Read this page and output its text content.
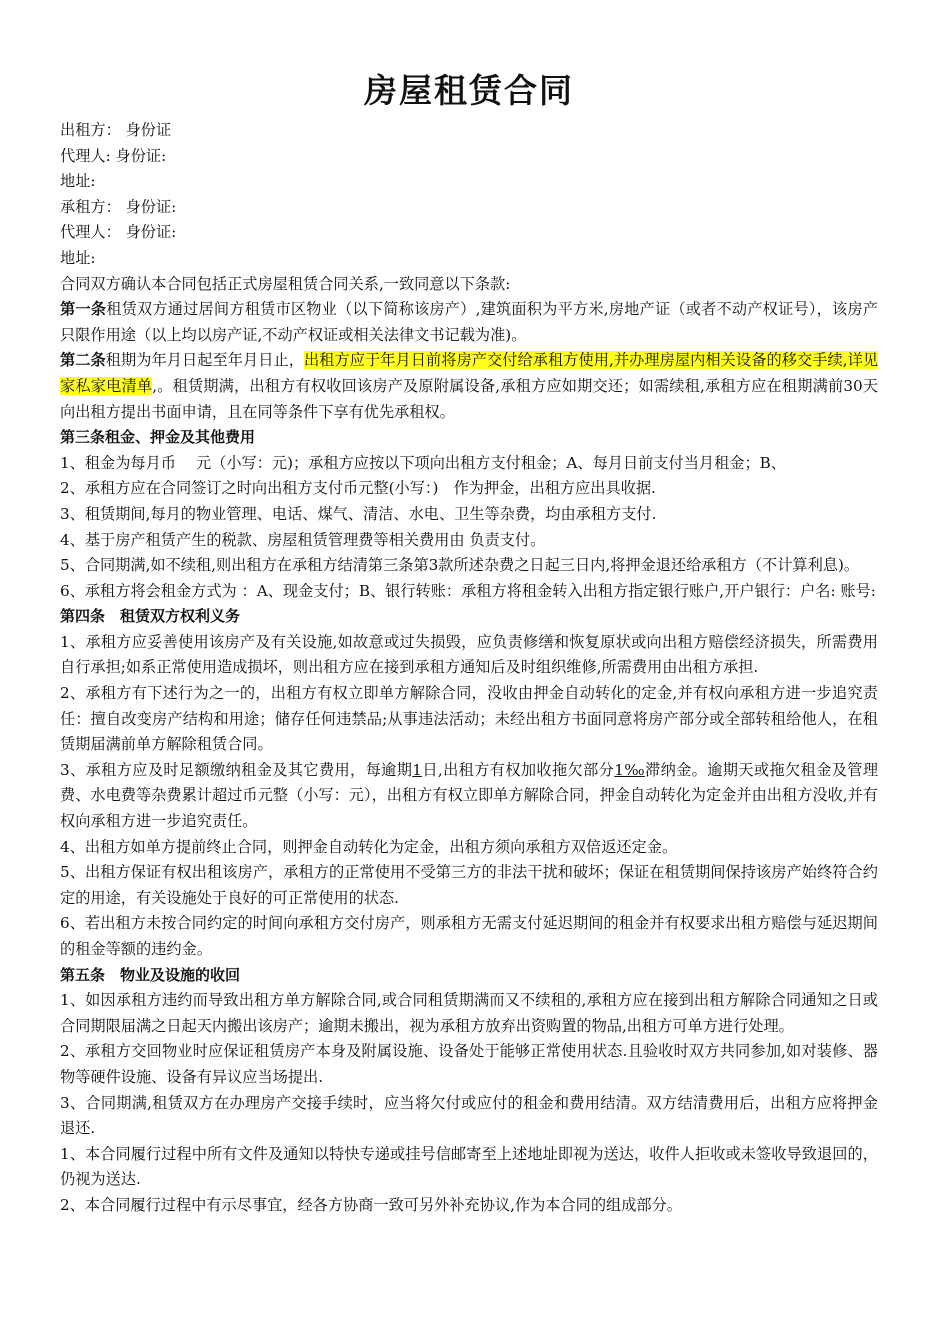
房屋租赁合同

出租方： 身份证

代理人: 身份证:

地址:

承租方： 身份证:

代理人： 身份证:

地址:

合同双方确认本合同包括正式房屋租赁合同关系,一致同意以下条款:

第一条租赁双方通过居间方租赁市区物业（以下简称该房产）,建筑面积为平方米,房地产证（或者不动产权证号），该房产只限作用途（以上均以房产证,不动产权证或相关法律文书记载为准)。

第二条租期为年月日起至年月日止，出租方应于年月日前将房产交付给承租方使用,并办理房屋内相关设备的移交手续,详见家私家电清单,。租赁期满，出租方有权收回该房产及原附属设备,承租方应如期交还；如需续租,承租方应在租期满前30天向出租方提出书面申请，且在同等条件下享有优先承租权。

第三条租金、押金及其他费用

1、租金为每月币　 元（小写：元)；承租方应按以下项向出租方支付租金；A、每月日前支付当月租金；B、

2、承租方应在合同签订之时向出租方支付币元整(小写：)　作为押金，出租方应出具收据.

3、租赁期间,每月的物业管理、电话、煤气、清洁、水电、卫生等杂费，均由承租方支付.

4、基于房产租赁产生的税款、房屋租赁管理费等相关费用由 负责支付。

5、合同期满,如不续租,则出租方在承租方结清第三条第3款所述杂费之日起三日内,将押金退还给承租方（不计算利息)。

6、承租方将会租金方式为 ：A、现金支付；B、银行转账：承租方将租金转入出租方指定银行账户,开户银行：户名: 账号:

第四条　租赁双方权利义务

1、承租方应妥善使用该房产及有关设施,如故意或过失损毁，应负责修缮和恢复原状或向出租方赔偿经济损失，所需费用自行承担;如系正常使用造成损坏，则出租方应在接到承租方通知后及时组织维修,所需费用由出租方承担.

2、承租方有下述行为之一的，出租方有权立即单方解除合同，没收由押金自动转化的定金,并有权向承租方进一步追究责任：擅自改变房产结构和用途；储存任何违禁品;从事违法活动；未经出租方书面同意将房产部分或全部转租给他人，在租赁期届满前单方解除租赁合同。

3、承租方应及时足额缴纳租金及其它费用，每逾期1日,出租方有权加收拖欠部分1‰滞纳金。逾期天或拖欠租金及管理费、水电费等杂费累计超过币元整（小写：元），出租方有权立即单方解除合同，押金自动转化为定金并由出租方没收,并有权向承租方进一步追究责任。

4、出租方如单方提前终止合同，则押金自动转化为定金，出租方须向承租方双倍返还定金。

5、出租方保证有权出租该房产，承租方的正常使用不受第三方的非法干扰和破坏；保证在租赁期间保持该房产始终符合约定的用途，有关设施处于良好的可正常使用的状态.

6、若出租方未按合同约定的时间向承租方交付房产，则承租方无需支付延迟期间的租金并有权要求出租方赔偿与延迟期间的租金等额的违约金。

第五条　物业及设施的收回

1、如因承租方违约而导致出租方单方解除合同,或合同租赁期满而又不续租的,承租方应在接到出租方解除合同通知之日或合同期限届满之日起天内搬出该房产；逾期未搬出，视为承租方放弃出资购置的物品,出租方可单方进行处理。

2、承租方交回物业时应保证租赁房产本身及附属设施、设备处于能够正常使用状态.且验收时双方共同参加,如对装修、器物等硬件设施、设备有异议应当场提出.

3、合同期满,租赁双方在办理房产交接手续时，应当将欠付或应付的租金和费用结清。双方结清费用后，出租方应将押金退还.

1、本合同履行过程中所有文件及通知以特快专递或挂号信邮寄至上述地址即视为送达，收件人拒收或未签收导致退回的，仍视为送达.

2、本合同履行过程中有示尽事宜，经各方协商一致可另外补充协议,作为本合同的组成部分。
